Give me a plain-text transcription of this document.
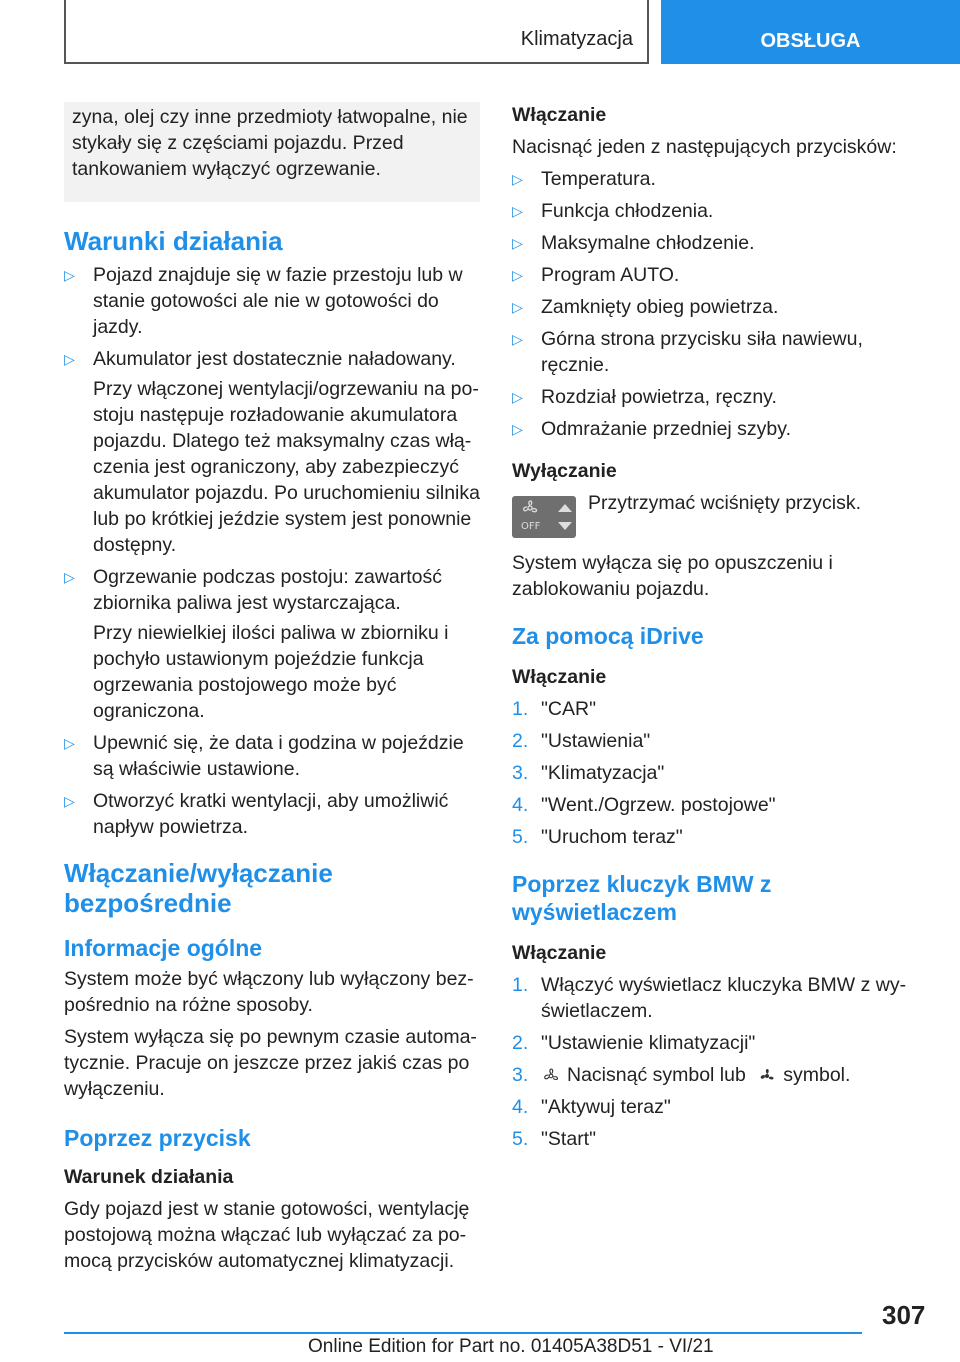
Klimatyzacja	OBSŁUGA
zyna, olej czy inne przedmioty łatwopalne, nie stykały się z częściami pojazdu. Przed tankowaniem wyłączyć ogrzewanie.
Warunki działania
▷ Pojazd znajduje się w fazie przestoju lub w stanie gotowości ale nie w gotowości do jazdy.
▷ Akumulator jest dostatecznie naładowany.
Przy włączonej wentylacji/ogrzewaniu na postoju następuje rozładowanie akumulatora pojazdu. Dlatego też maksymalny czas włączenia jest ograniczony, aby zabezpieczyć akumulator pojazdu. Po uruchomieniu silnika lub po krótkiej jeździe system jest ponownie dostępny.
▷ Ogrzewanie podczas postoju: zawartość zbiornika paliwa jest wystarczająca.
Przy niewielkiej ilości paliwa w zbiorniku i pochyło ustawionym pojeździe funkcja ogrzewania postojowego może być ograniczona.
▷ Upewnić się, że data i godzina w pojeździe są właściwie ustawione.
▷ Otworzyć kratki wentylacji, aby umożliwić napływ powietrza.
Włączanie/wyłączanie bezpośrednie
Informacje ogólne

System może być włączony lub wyłączony bezpośrednio na różne sposoby.

System wyłącza się po pewnym czasie automatycznie. Pracuje on jeszcze przez jakiś czas po wyłączeniu.

Poprzez przycisk
Warunek działania

Gdy pojazd jest w stanie gotowości, wentylację postojową można włączać lub wyłączać za pomocą przycisków automatycznej klimatyzacji.

Włączanie

Nacisnąć jeden z następujących przycisków:

▷ Temperatura.
▷ Funkcja chłodzenia.
▷ Maksymalne chłodzenie.
▷ Program AUTO.
▷ Zamknięty obieg powietrza.
▷ Górna strona przycisku siła nawiewu, ręcznie.
▷ Rozdział powietrza, ręczny.
▷ Odmrażanie przedniej szyby.
Wyłączanie
OFF
Przytrzymać wciśnięty przycisk.

System wyłącza się po opuszczeniu i zablokowaniu pojazdu.

Za pomocą iDrive
Włączanie
1. "CAR"
2. "Ustawienia"
3. "Klimatyzacja"
4. "Went./Ogrzew. postojowe"
5. "Uruchom teraz"
Poprzez kluczyk BMW z wyświetlaczem
Włączanie
1. Włączyć wyświetlacz kluczyka BMW z wyświetlaczem.
2. "Ustawienie klimatyzacji"
3. Nacisnąć symbol lub symbol.
4. "Aktywuj teraz"
5. "Start"
307
Online Edition for Part no. 01405A38D51 - VI/21
